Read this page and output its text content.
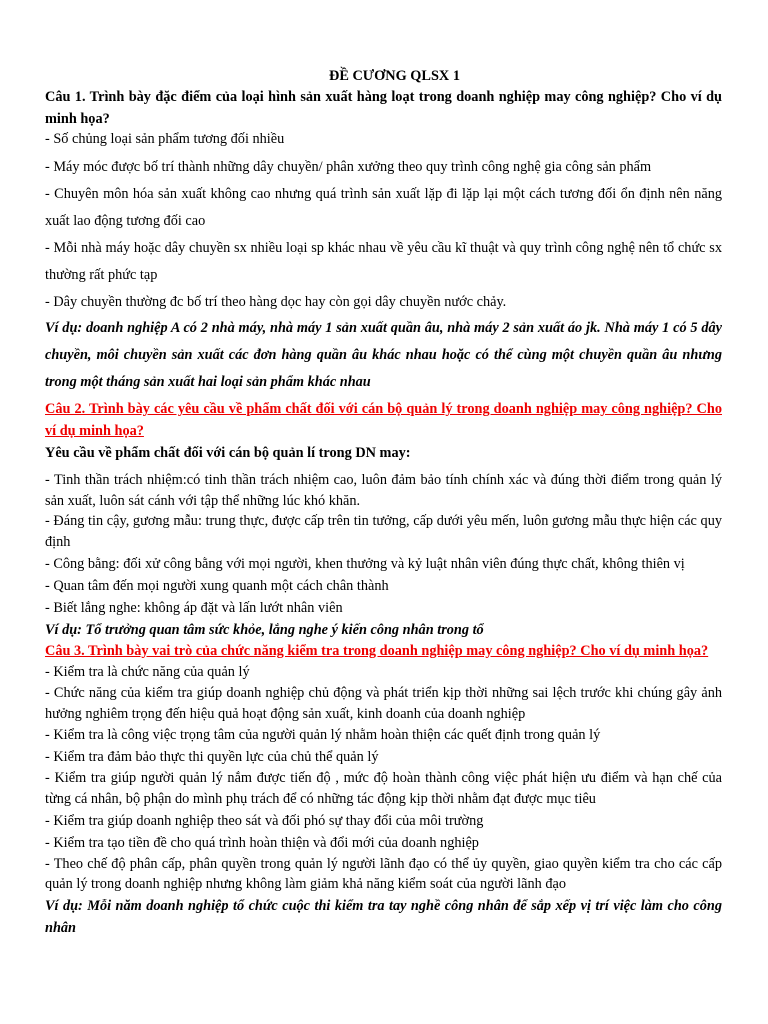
ĐỀ CƯƠNG QLSX 1

Câu 1. Trình bày đặc điểm của loại hình sản xuất hàng loạt trong doanh nghiệp may công nghiệp? Cho ví dụ minh họa?

- Số chủng loại sản phẩm tương đối nhiều

- Máy móc được bố trí thành những dây chuyền/ phân xưởng theo quy trình công nghệ gia công sản phẩm

- Chuyên môn hóa sản xuất không cao nhưng quá trình sản xuất lặp đi lặp lại một cách tương đối ổn định nên năng xuất lao động tương đối cao

- Mỗi nhà máy hoặc dây chuyền sx nhiều loại sp khác nhau về yêu cầu kĩ thuật và quy trình công nghệ nên tổ chức sx thường rất phức tạp

- Dây chuyền thường đc bố trí theo hàng dọc hay còn gọi dây chuyền nước chảy.

Ví dụ: doanh nghiệp A có 2 nhà máy, nhà máy 1 sản xuất quần âu, nhà máy 2 sản xuất áo jk. Nhà máy 1 có 5 dây chuyền, môi chuyền sản xuất các đơn hàng quần âu khác nhau hoặc có thể cùng một chuyền quần âu nhưng trong một tháng sản xuất hai loại sản phẩm khác nhau

Câu 2. Trình bày các yêu cầu về phẩm chất đối với cán bộ quản lý trong doanh nghiệp may công nghiệp? Cho ví dụ minh họa?

Yêu cầu về phẩm chất đối với cán bộ quản lí trong DN may:

- Tinh thần trách nhiệm:có tinh thần trách nhiệm cao, luôn đảm bảo tính chính xác và đúng thời điểm trong quản lý sản xuất, luôn sát cánh với tập thể những lúc khó khăn.

- Đáng tin cậy, gương mẫu: trung thực, được cấp trên tin tưởng, cấp dưới yêu mến, luôn gương mẫu thực hiện các quy định

- Công bằng: đối xử công bằng với mọi người, khen thưởng và kỷ luật nhân viên đúng thực chất, không thiên vị

- Quan tâm đến mọi người xung quanh một cách chân thành

- Biết lắng nghe: không áp đặt và lấn lướt nhân viên

Ví dụ: Tổ trưởng quan tâm sức khỏe, lắng nghe ý kiến công nhân trong tổ

Câu 3. Trình bày vai trò của chức năng kiểm tra trong doanh nghiệp may công nghiệp? Cho ví dụ minh họa?

- Kiểm tra là chức năng của quản lý

- Chức năng của kiểm tra giúp doanh nghiệp chủ động và phát triển kịp thời những sai lệch trước khi chúng gây ảnh hưởng nghiêm trọng đến hiệu quả hoạt động sản xuất, kinh doanh của doanh nghiệp

- Kiểm tra là công việc trọng tâm của người quản lý nhằm hoàn thiện các quết định trong quản lý

- Kiểm tra đảm bảo thực thi quyền lực của chủ thể quản lý

- Kiểm tra giúp người quản lý nắm được tiến độ , mức độ hoàn thành công việc phát hiện ưu điểm và hạn chế của từng cá nhân, bộ phận do mình phụ trách để có những tác động kịp thời nhằm đạt được mục tiêu

- Kiểm tra giúp doanh nghiệp theo sát và đối phó sự thay đổi của môi trường

- Kiểm tra tạo tiền đề cho quá trình hoàn thiện và đổi mới của doanh nghiệp

- Theo chế độ phân cấp, phân quyền trong quản lý người lãnh đạo có thể ủy quyền, giao quyền kiểm tra cho các cấp quản lý trong doanh nghiệp nhưng không làm giảm khả năng kiểm soát của người lãnh đạo

Ví dụ: Mỗi năm doanh nghiệp tổ chức cuộc thi kiểm tra tay nghề công nhân để sắp xếp vị trí việc làm cho công nhân
